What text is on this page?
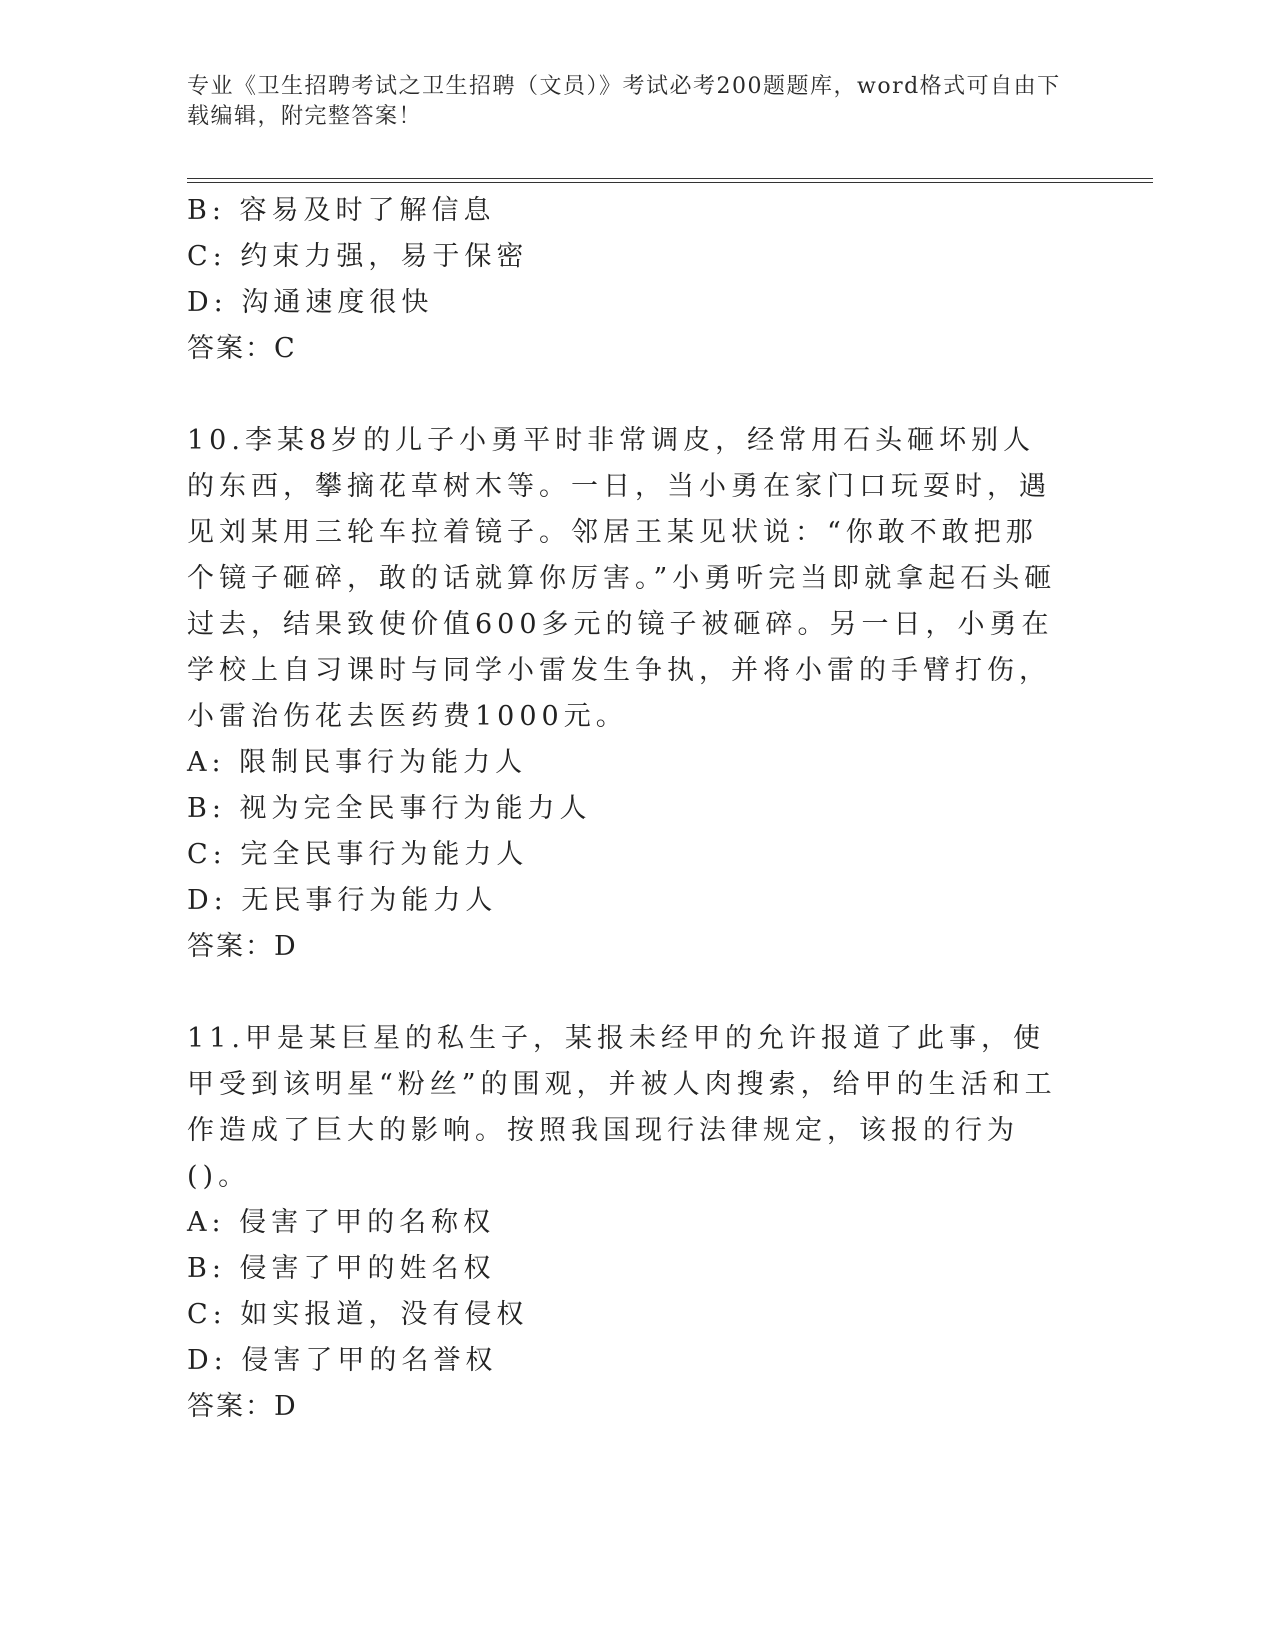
专业《卫生招聘考试之卫生招聘（文员）》考试必考200题题库，word格式可自由下载编辑，附完整答案！
B: 容易及时了解信息
C: 约束力强，易于保密
D: 沟通速度很快
答案：C
10.李某8岁的儿子小勇平时非常调皮，经常用石头砸坏别人的东西，攀摘花草树木等。一日，当小勇在家门口玩耍时，遇见刘某用三轮车拉着镜子。邻居王某见状说：“你敢不敢把那个镜子砸碎，敢的话就算你厉害。”小勇听完当即就拿起石头砸过去，结果致使价值600多元的镜子被砸碎。另一日，小勇在学校上自习课时与同学小雷发生争执，并将小雷的手臂打伤，小雷治伤花去医药费1000元。
A: 限制民事行为能力人
B: 视为完全民事行为能力人
C: 完全民事行为能力人
D: 无民事行为能力人
答案：D
11.甲是某巨星的私生子，某报未经甲的允许报道了此事，使甲受到该明星“粉丝”的围观，并被人肉搜索，给甲的生活和工作造成了巨大的影响。按照我国现行法律规定，该报的行为()。
A: 侵害了甲的名称权
B: 侵害了甲的姓名权
C: 如实报道，没有侵权
D: 侵害了甲的名誉权
答案：D
